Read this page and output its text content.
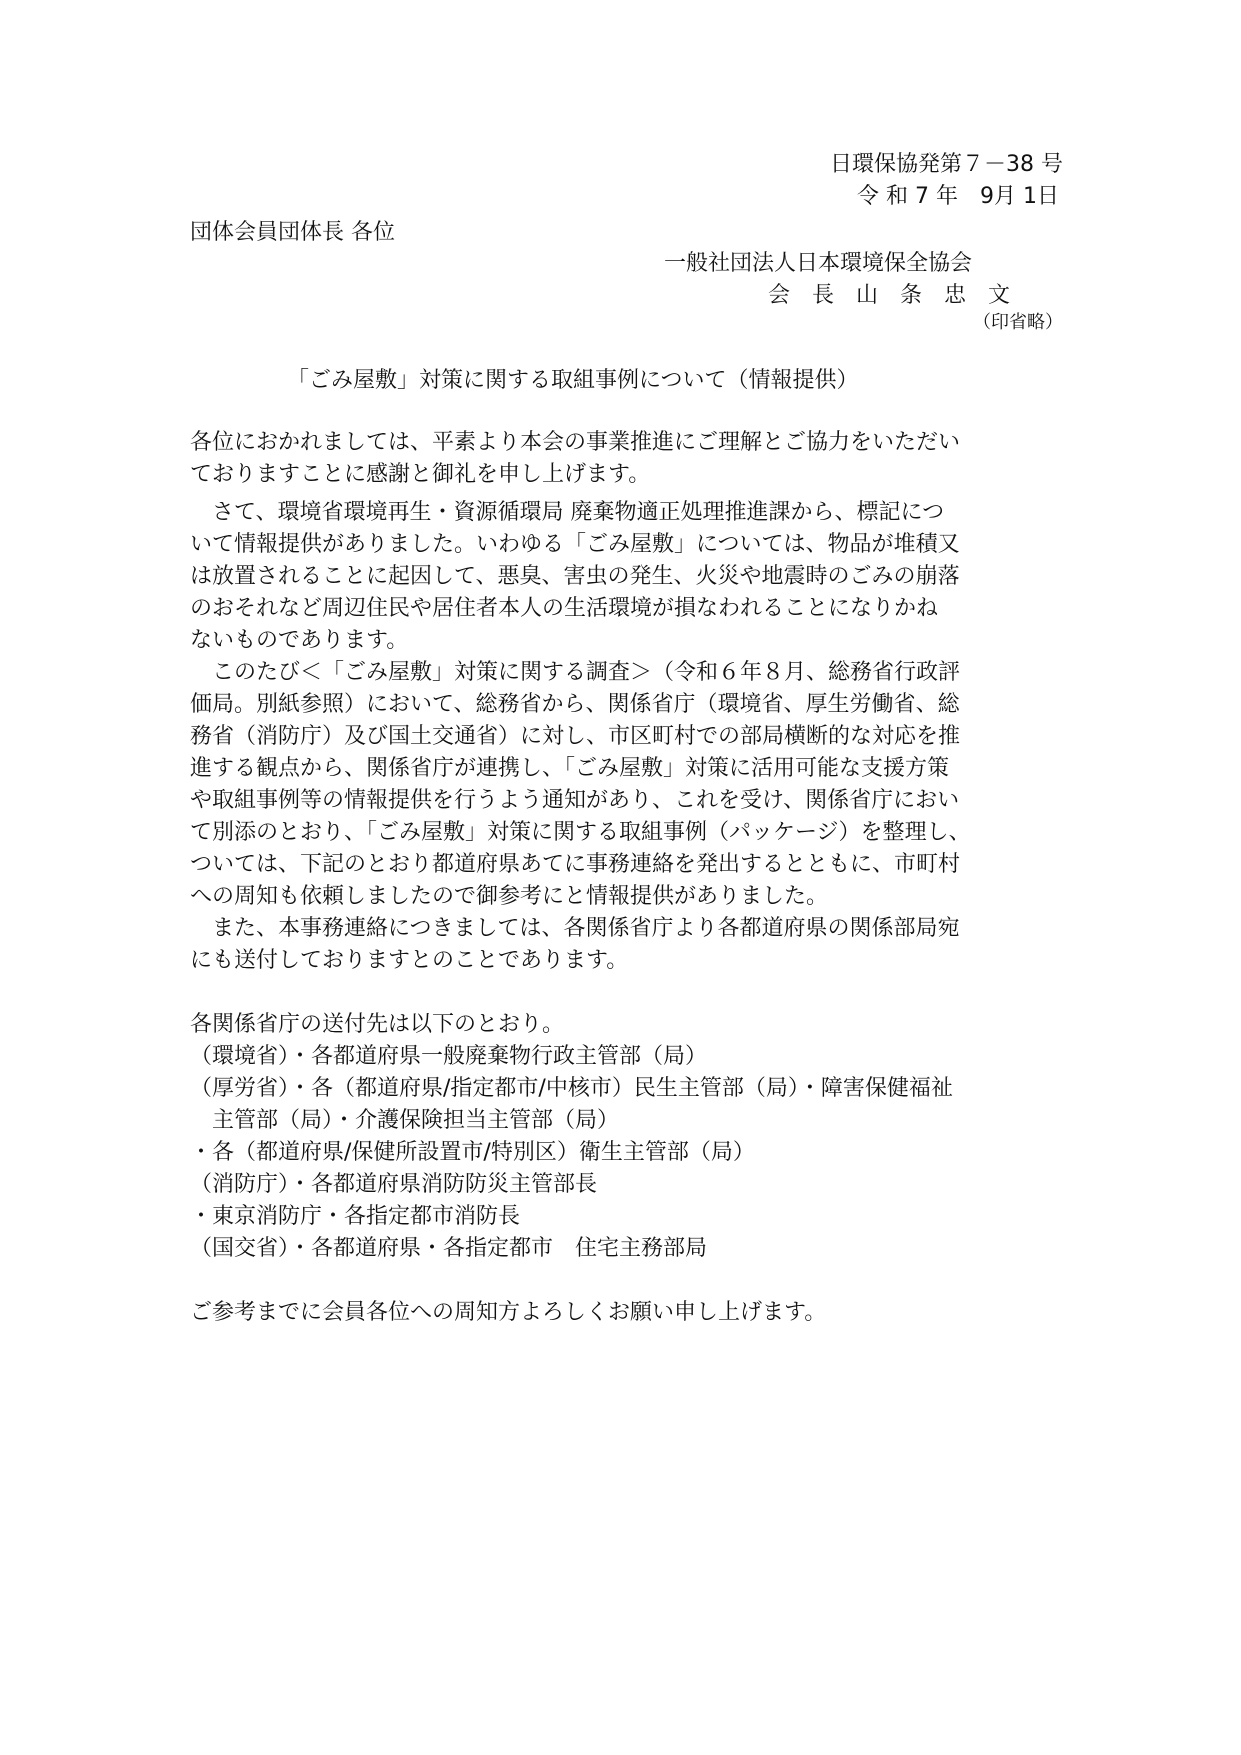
日環保協発第７－38 号
令 和 7 年　9月 1日
団体会員団体長 各位
一般社団法人日本環境保全協会
会　長　山　条　忠　文
（印省略）
「ごみ屋敷」対策に関する取組事例について（情報提供）
各位におかれましては、平素より本会の事業推進にご理解とご協力をいただい
ておりますことに感謝と御礼を申し上げます。
　さて、環境省環境再生・資源循環局 廃棄物適正処理推進課から、標記につ
いて情報提供がありました。いわゆる「ごみ屋敷」については、物品が堆積又
は放置されることに起因して、悪臭、害虫の発生、火災や地震時のごみの崩落
のおそれなど周辺住民や居住者本人の生活環境が損なわれることになりかね
ないものであります。
　このたび＜「ごみ屋敷」対策に関する調査＞（令和６年８月、総務省行政評
価局。別紙参照）において、総務省から、関係省庁（環境省、厚生労働省、総
務省（消防庁）及び国土交通省）に対し、市区町村での部局横断的な対応を推
進する観点から、関係省庁が連携し、「ごみ屋敷」対策に活用可能な支援方策
や取組事例等の情報提供を行うよう通知があり、これを受け、関係省庁におい
て別添のとおり、「ごみ屋敷」対策に関する取組事例（パッケージ）を整理し、
ついては、下記のとおり都道府県あてに事務連絡を発出するとともに、市町村
への周知も依頼しましたので御参考にと情報提供がありました。
　また、本事務連絡につきましては、各関係省庁より各都道府県の関係部局宛
にも送付しておりますとのことであります。
各関係省庁の送付先は以下のとおり。
（環境省）・各都道府県一般廃棄物行政主管部（局）
（厚労省）・各（都道府県/指定都市/中核市）民生主管部（局）・障害保健福祉
　主管部（局）・介護保険担当主管部（局）
・各（都道府県/保健所設置市/特別区）衛生主管部（局）
（消防庁）・各都道府県消防防災主管部長
・東京消防庁・各指定都市消防長
（国交省）・各都道府県・各指定都市　住宅主務部局
ご参考までに会員各位への周知方よろしくお願い申し上げます。
